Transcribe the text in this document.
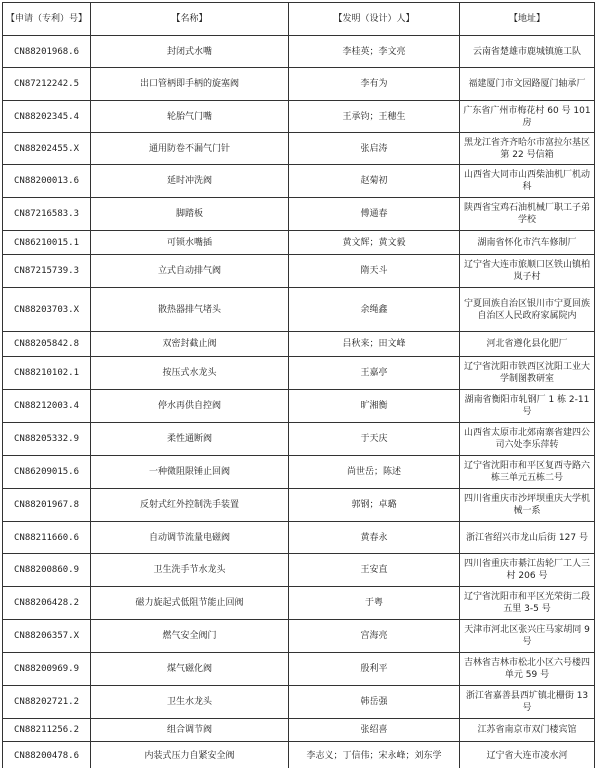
【申请（专利）号】	【名称】	【发明（设计）人】	【地址】
CN88201968.6	封闭式水嘴	李桂英；李文亮	云南省楚雄市鹿城镇施工队
CN87212242.5	出口管柄即手柄的旋塞阀	李有为	福建厦门市文园路厦门轴承厂
CN88202345.4	轮胎气门嘴	王承钧；王穗生	广东省广州市梅花村 60 号 101 房
CN88202455.X	通用防卷不漏气门针	张启涛	黑龙江省齐齐哈尔市富拉尔基区第 22 号信箱
CN88200013.6	延时冲洗阀	赵菊初	山西省大同市山西柴油机厂机动科
CN87216583.3	脚踏板	傅通春	陕西省宝鸡石油机械厂职工子弟学校
CN86210015.1	可锁水嘴插	黄文辉；黄文毅	湖南省怀化市汽车修制厂
CN87215739.3	立式自动排气阀	隋天斗	辽宁省大连市旅顺口区铁山镇柏岚子村
CN88203703.X	散热器排气堵头	余绳鑫	宁夏回族自治区银川市宁夏回族自治区人民政府家属院内
CN88205842.8	双密封截止阀	吕秋来；田文峰	河北省遵化县化肥厂
CN88210102.1	按压式水龙头	王嘉亭	辽宁省沈阳市铁西区沈阳工业大学制图教研室
CN88212003.4	停水再供自控阀	旷湘衡	湖南省衡阳市轧钢厂 1 栋 2-11 号
CN88205332.9	柔性通断阀	于天庆	山西省太原市北郊南寨省建四公司六处李乐萍转
CN86209015.6	一种微阻限锤止回阀	尚世岳；陈述	辽宁省沈阳市和平区复西寺路六栋三单元五栋二号
CN88201967.8	反射式红外控制洗手装置	郭钢；卓璐	四川省重庆市沙坪坝重庆大学机械一系
CN88211660.6	自动调节流量电磁阀	黄春永	浙江省绍兴市龙山后街 127 号
CN88200860.9	卫生洗手节水龙头	王安直	四川省重庆市綦江齿轮厂工人三村 206 号
CN88206428.2	磁力旋起式低阻节能止回阀	于粤	辽宁省沈阳市和平区光荣街二段五里 3-5 号
CN88206357.X	燃气安全阀门	宫海亮	天津市河北区张兴庄马家胡同 9 号
CN88200969.9	煤气磁化阀	殷利平	吉林省吉林市松北小区六号楼四单元 59 号
CN88202721.2	卫生水龙头	韩岳强	浙江省嘉善县西圹镇北栅街 13 号
CN88211256.2	组合调节阀	张绍喜	江苏省南京市双门楼宾馆
CN88200478.6	内装式压力自紧安全阀	李志义；丁信伟；宋永峰；刘东学	辽宁省大连市凌水河
